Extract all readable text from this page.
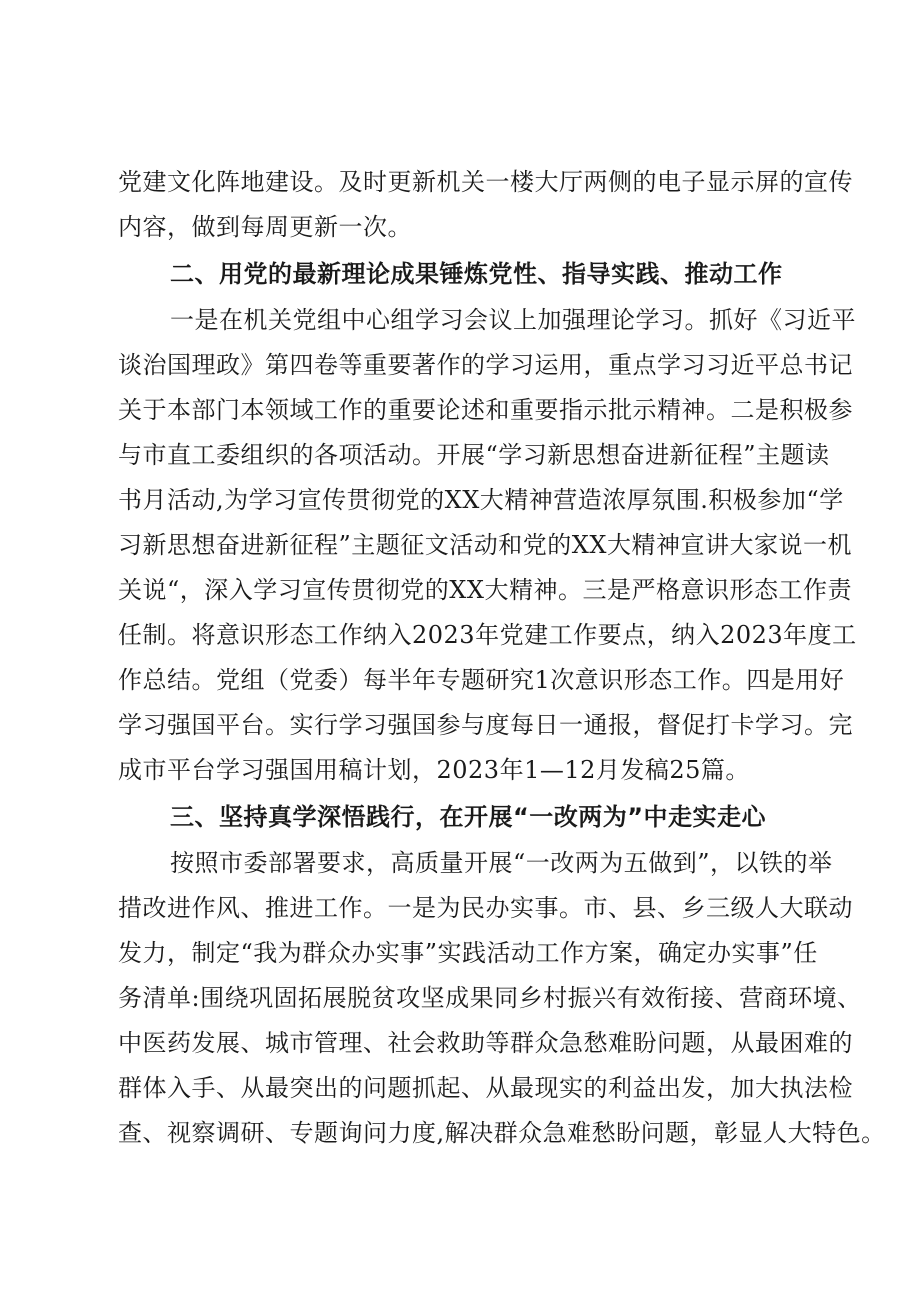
党建文化阵地建设。及时更新机关一楼大厅两侧的电子显示屏的宣传
内容，做到每周更新一次。
二、用党的最新理论成果锤炼党性、指导实践、推动工作
一是在机关党组中心组学习会议上加强理论学习。抓好《习近平
谈治国理政》第四卷等重要著作的学习运用，重点学习习近平总书记
关于本部门本领域工作的重要论述和重要指示批示精神。二是积极参
与市直工委组织的各项活动。开展“学习新思想奋进新征程”主题读
书月活动,为学习宣传贯彻党的XX大精神营造浓厚氛围.积极参加“学
习新思想奋进新征程”主题征文活动和党的XX大精神宣讲大家说一机
关说“，深入学习宣传贯彻党的XX大精神。三是严格意识形态工作责
任制。将意识形态工作纳入2023年党建工作要点，纳入2023年度工
作总结。党组（党委）每半年专题研究1次意识形态工作。四是用好
学习强国平台。实行学习强国参与度每日一通报，督促打卡学习。完
成市平台学习强国用稿计划，2023年1—12月发稿25篇。
三、坚持真学深悟践行，在开展“一改两为”中走实走心
按照市委部署要求，高质量开展“一改两为五做到”，以铁的举
措改进作风、推进工作。一是为民办实事。市、县、乡三级人大联动
发力，制定“我为群众办实事”实践活动工作方案，确定办实事”任
务清单:围绕巩固拓展脱贫攻坚成果同乡村振兴有效衔接、营商环境、
中医药发展、城市管理、社会救助等群众急愁难盼问题，从最困难的
群体入手、从最突出的问题抓起、从最现实的利益出发，加大执法检
查、视察调研、专题询问力度,解决群众急难愁盼问题，彰显人大特色。
